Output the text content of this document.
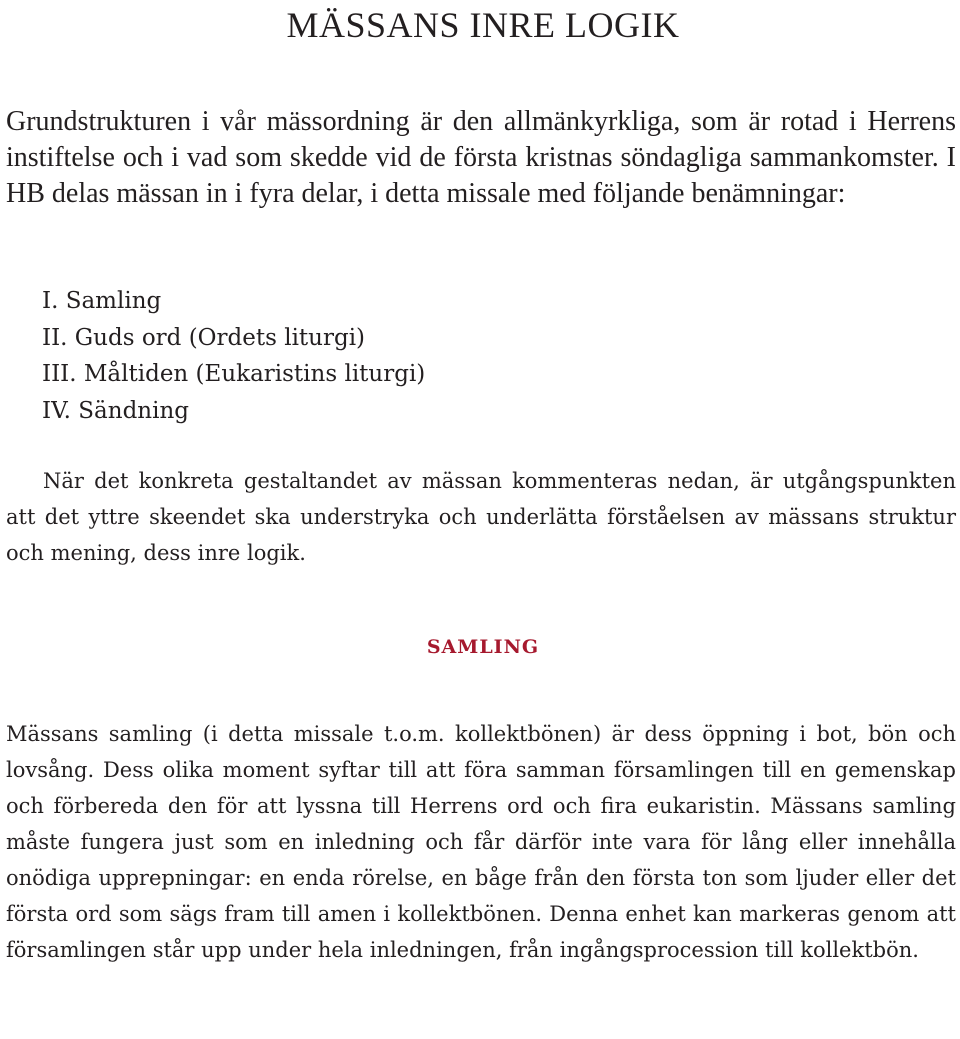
MÄSSANS INRE LOGIK

Grundstrukturen i vår mässordning är den allmänkyrkliga, som är rotad i Herrens instiftelse och i vad som skedde vid de första kristnas söndagliga sammankomster. I HB delas mässan in i fyra delar, i detta missale med följande benämningar:

I. Samling
II. Guds ord (Ordets liturgi)
III. Måltiden (Eukaristins liturgi)
IV. Sändning

När det konkreta gestaltandet av mässan kommenteras nedan, är utgångspunkten att det yttre skeendet ska understryka och underlätta förståelsen av mässans struktur och mening, dess inre logik.

SAMLING

Mässans samling (i detta missale t.o.m. kollektbönen) är dess öppning i bot, bön och lovsång. Dess olika moment syftar till att föra samman församlingen till en gemenskap och förbereda den för att lyssna till Herrens ord och fira eukaristin. Mässans samling måste fungera just som en inledning och får därför inte vara för lång eller innehålla onödiga upprepningar: en enda rörelse, en båge från den första ton som ljuder eller det första ord som sägs fram till amen i kollektbönen. Denna enhet kan markeras genom att församlingen står upp under hela inledningen, från ingångsprocession till kollektbön.
